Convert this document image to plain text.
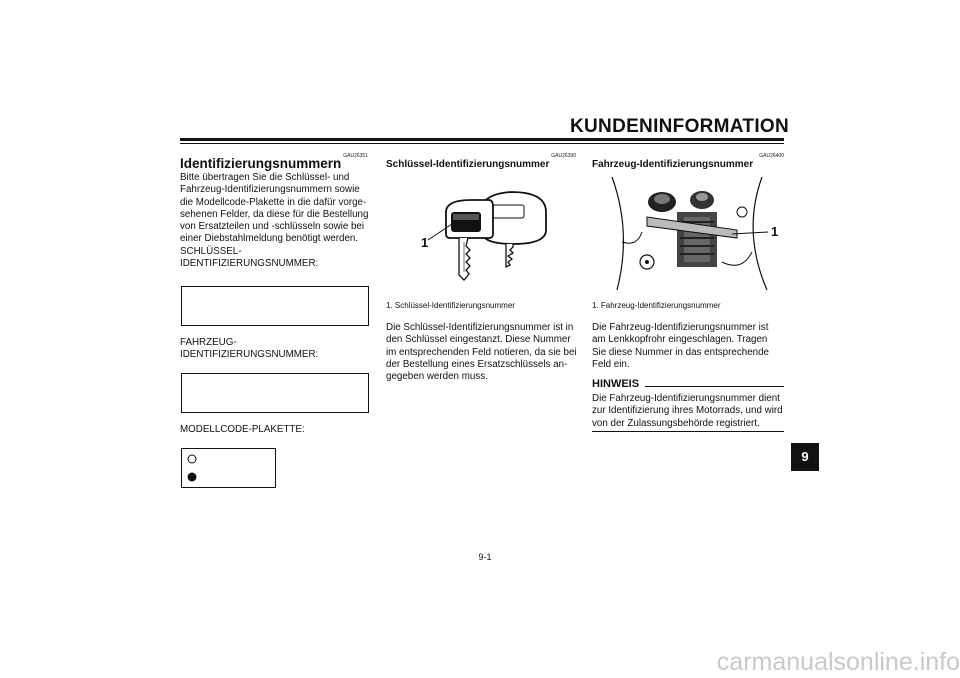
KUNDENINFORMATION
GAU26351
Identifizierungsnummern
Bitte übertragen Sie die Schlüssel- und
Fahrzeug-Identifizierungsnummern sowie
die Modellcode-Plakette in die dafür vorge-
sehenen Felder, da diese für die Bestellung
von Ersatzteilen und -schlüsseln sowie bei
einer Diebstahlmeldung benötigt werden.
SCHLÜSSEL-
IDENTIFIZIERUNGSNUMMER:
FAHRZEUG-
IDENTIFIZIERUNGSNUMMER:
MODELLCODE-PLAKETTE:
GAU26390
Schlüssel-Identifizierungsnummer
1
1. Schlüssel-Identifizierungsnummer
Die Schlüssel-Identifizierungsnummer ist in
den Schlüssel eingestanzt. Diese Nummer
im entsprechenden Feld notieren, da sie bei
der Bestellung eines Ersatzschlüssels an-
gegeben werden muss.
GAU26400
Fahrzeug-Identifizierungsnummer
1
1. Fahrzeug-Identifizierungsnummer
Die Fahrzeug-Identifizierungsnummer ist
am Lenkkopfrohr eingeschlagen. Tragen
Sie diese Nummer in das entsprechende
Feld ein.
HINWEIS
Die Fahrzeug-Identifizierungsnummer dient
zur Identifizierung ihres Motorrads, und wird
von der Zulassungsbehörde registriert.
9
9-1
carmanualsonline.info
